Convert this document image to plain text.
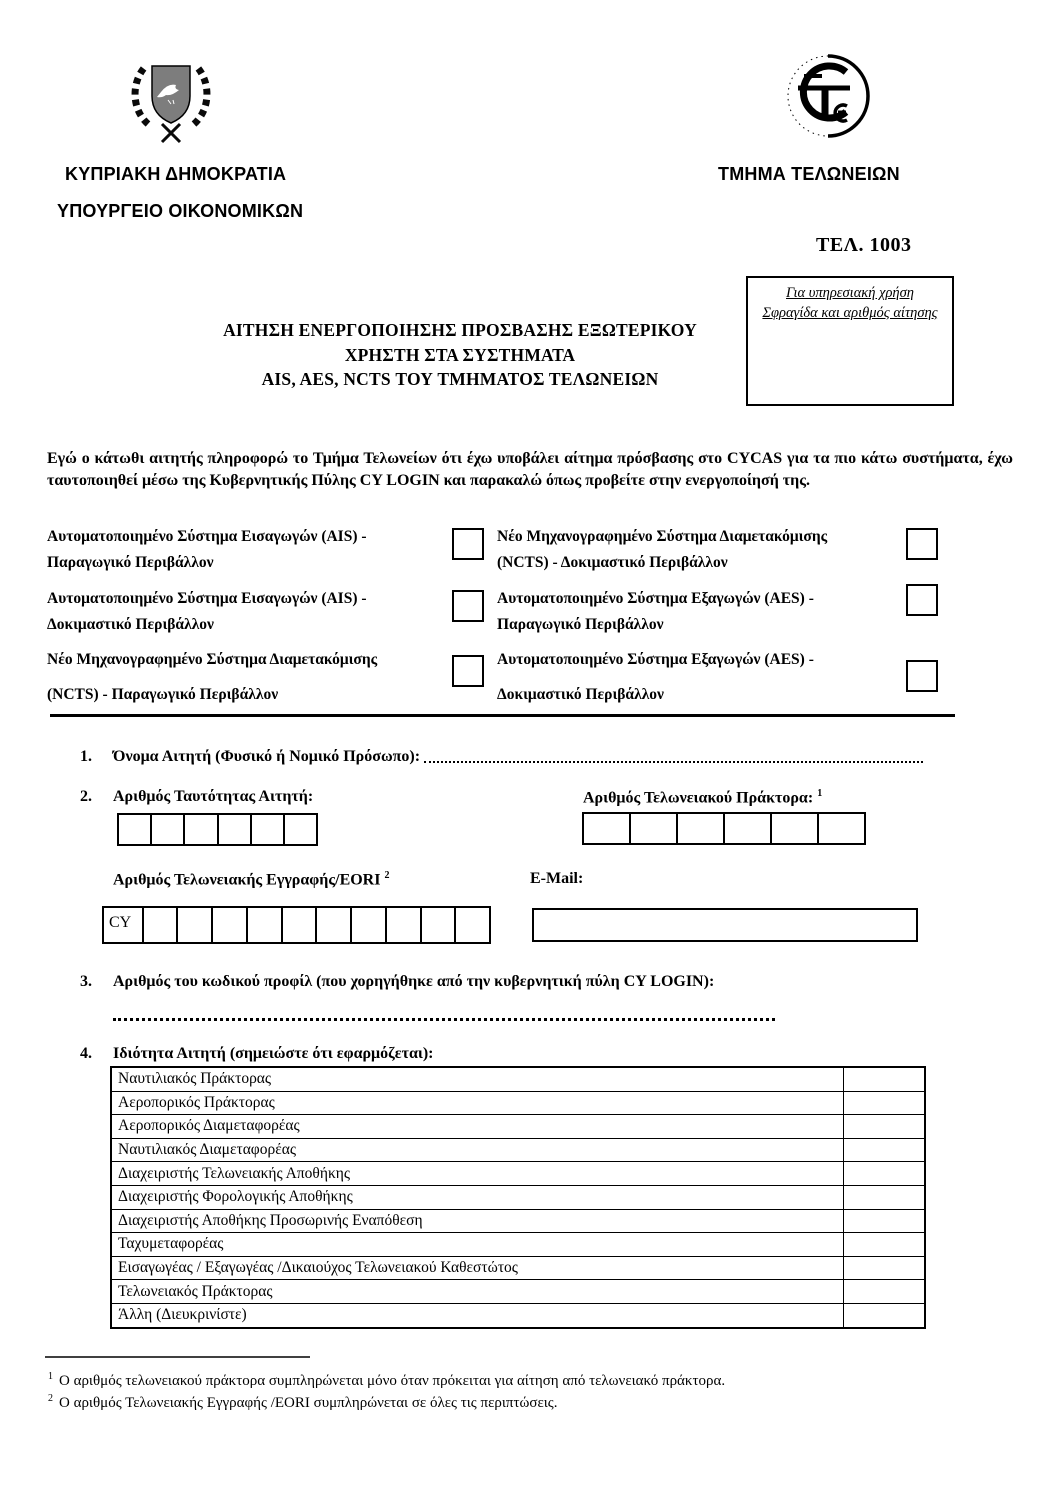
ΚΥΠΡΙΑΚΗ ΔΗΜΟΚΡΑΤΙΑ
ΥΠΟΥΡΓΕΙΟ ΟΙΚΟΝΟΜΙΚΩΝ
ΤΜΗΜΑ ΤΕΛΩΝΕΙΩΝ
ΤΕΛ. 1003
Για υπηρεσιακή χρήση
Σφραγίδα και αριθμός αίτησης
ΑΙΤΗΣΗ ΕΝΕΡΓΟΠΟΙΗΣΗΣ ΠΡΟΣΒΑΣΗΣ ΕΞΩΤΕΡΙΚΟΥ
ΧΡΗΣΤΗ ΣΤΑ ΣΥΣΤΗΜΑΤΑ
AIS, AES, NCTS ΤΟΥ ΤΜΗΜΑΤΟΣ ΤΕΛΩΝΕΙΩΝ
Εγώ ο κάτωθι αιτητής πληροφορώ το Τμήμα Τελωνείων ότι έχω υποβάλει αίτημα πρόσβασης στο CYCAS για τα πιο κάτω συστήματα, έχω ταυτοποιηθεί μέσω της Κυβερνητικής Πύλης CY LOGIN και παρακαλώ όπως προβείτε στην ενεργοποίησή της.
Αυτοματοποιημένο Σύστημα Εισαγωγών (AIS) -
Παραγωγικό Περιβάλλον
Νέο Μηχανογραφημένο Σύστημα Διαμετακόμισης
(NCTS) - Δοκιμαστικό Περιβάλλον
Αυτοματοποιημένο Σύστημα Εισαγωγών (AIS) -
Δοκιμαστικό Περιβάλλον
Αυτοματοποιημένο Σύστημα Εξαγωγών (AES) -
Παραγωγικό Περιβάλλον
Νέο Μηχανογραφημένο Σύστημα Διαμετακόμισης
(NCTS) - Παραγωγικό Περιβάλλον
Αυτοματοποιημένο Σύστημα Εξαγωγών (AES) -
Δοκιμαστικό Περιβάλλον
1. Όνομα Αιτητή (Φυσικό ή Νομικό Πρόσωπο):
2. Αριθμός Ταυτότητας Αιτητή:	Αριθμός Τελωνειακού Πράκτορα: $^1$
Αριθμός Τελωνειακής Εγγραφής/EORI $^2$	E-Mail:
CY
3. Αριθμός του κωδικού προφίλ (που χορηγήθηκε από την κυβερνητική πύλη CY LOGIN):
4. Ιδιότητα Αιτητή (σημειώστε ότι εφαρμόζεται):
Ναυτιλιακός Πράκτορας
Αεροπορικός Πράκτορας
Αεροπορικός Διαμεταφορέας
Ναυτιλιακός Διαμεταφορέας
Διαχειριστής Τελωνειακής Αποθήκης
Διαχειριστής Φορολογικής Αποθήκης
Διαχειριστής Αποθήκης Προσωρινής Εναπόθεση
Ταχυμεταφορέας
Εισαγωγέας / Εξαγωγέας /Δικαιούχος Τελωνειακού Καθεστώτος
Τελωνειακός Πράκτορας
Άλλη (Διευκρινίστε)
$^1$ Ο αριθμός τελωνειακού πράκτορα συμπληρώνεται μόνο όταν πρόκειται για αίτηση από τελωνειακό πράκτορα.
$^2$ Ο αριθμός Τελωνειακής Εγγραφής /EORI συμπληρώνεται σε όλες τις περιπτώσεις.
